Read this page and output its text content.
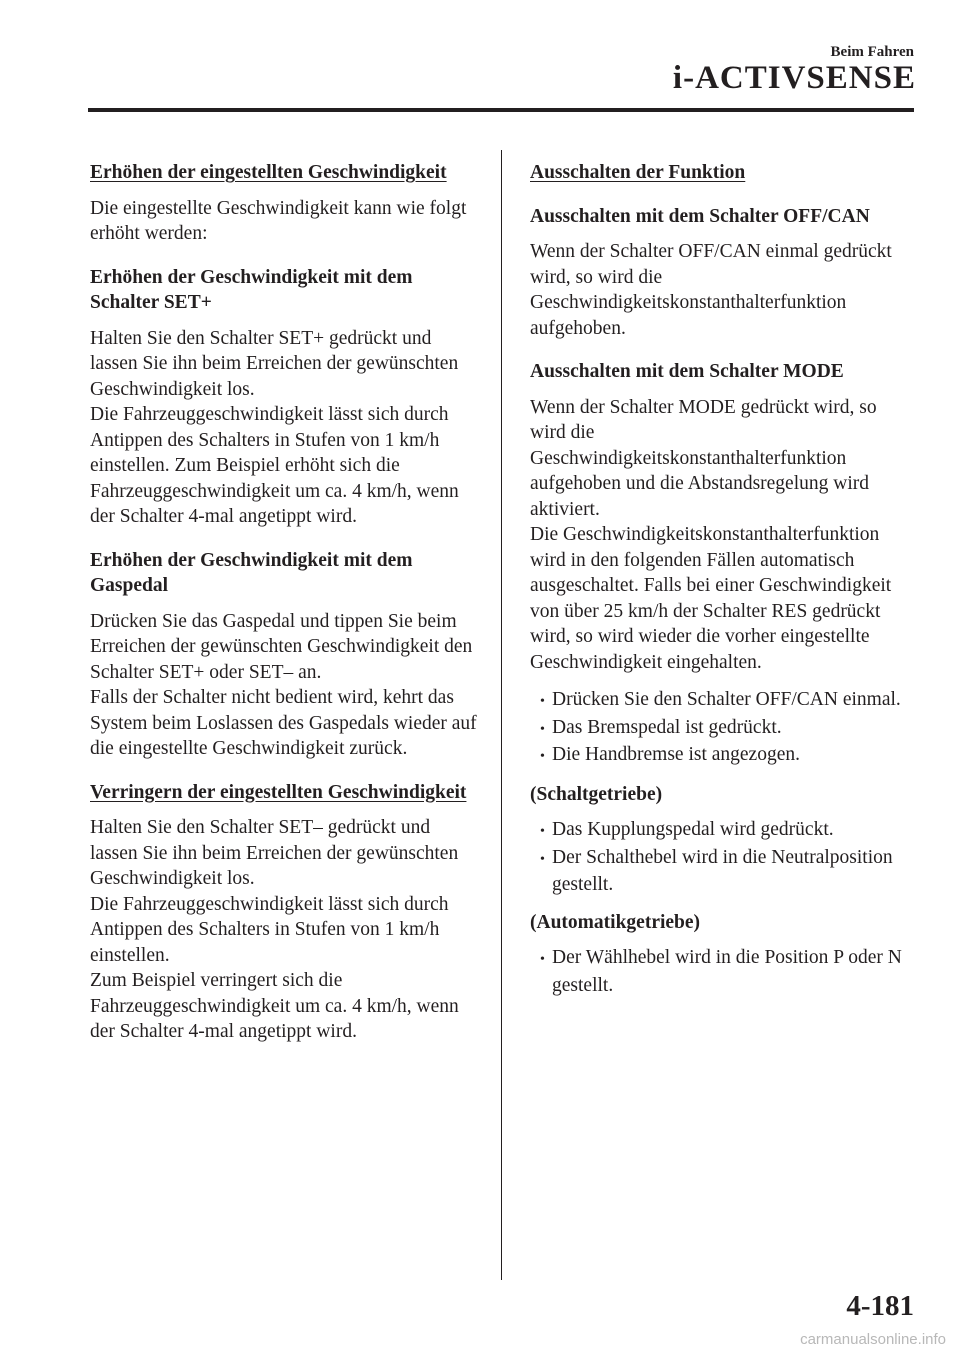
Beim Fahren
i-ACTIVSENSE
Erhöhen der eingestellten Geschwindigkeit
Die eingestellte Geschwindigkeit kann wie folgt erhöht werden:
Erhöhen der Geschwindigkeit mit dem Schalter SET+
Halten Sie den Schalter SET+ gedrückt und lassen Sie ihn beim Erreichen der gewünschten Geschwindigkeit los.
Die Fahrzeuggeschwindigkeit lässt sich durch Antippen des Schalters in Stufen von 1 km/h einstellen. Zum Beispiel erhöht sich die Fahrzeuggeschwindigkeit um ca. 4 km/h, wenn der Schalter 4-mal angetippt wird.
Erhöhen der Geschwindigkeit mit dem Gaspedal
Drücken Sie das Gaspedal und tippen Sie beim Erreichen der gewünschten Geschwindigkeit den Schalter SET+ oder SET– an.
Falls der Schalter nicht bedient wird, kehrt das System beim Loslassen des Gaspedals wieder auf die eingestellte Geschwindigkeit zurück.
Verringern der eingestellten Geschwindigkeit
Halten Sie den Schalter SET– gedrückt und lassen Sie ihn beim Erreichen der gewünschten Geschwindigkeit los.
Die Fahrzeuggeschwindigkeit lässt sich durch Antippen des Schalters in Stufen von 1 km/h einstellen.
Zum Beispiel verringert sich die Fahrzeuggeschwindigkeit um ca. 4 km/h, wenn der Schalter 4-mal angetippt wird.
Ausschalten der Funktion
Ausschalten mit dem Schalter OFF/CAN
Wenn der Schalter OFF/CAN einmal gedrückt wird, so wird die Geschwindigkeitskonstanthalterfunktion aufgehoben.
Ausschalten mit dem Schalter MODE
Wenn der Schalter MODE gedrückt wird, so wird die Geschwindigkeitskonstanthalterfunktion aufgehoben und die Abstandsregelung wird aktiviert.
Die Geschwindigkeitskonstanthalterfunktion wird in den folgenden Fällen automatisch ausgeschaltet. Falls bei einer Geschwindigkeit von über 25 km/h der Schalter RES gedrückt wird, so wird wieder die vorher eingestellte Geschwindigkeit eingehalten.
• Drücken Sie den Schalter OFF/CAN einmal.
• Das Bremspedal ist gedrückt.
• Die Handbremse ist angezogen.
(Schaltgetriebe)
• Das Kupplungspedal wird gedrückt.
• Der Schalthebel wird in die Neutralposition gestellt.
(Automatikgetriebe)
• Der Wählhebel wird in die Position P oder N gestellt.
4-181
carmanualsonline.info
